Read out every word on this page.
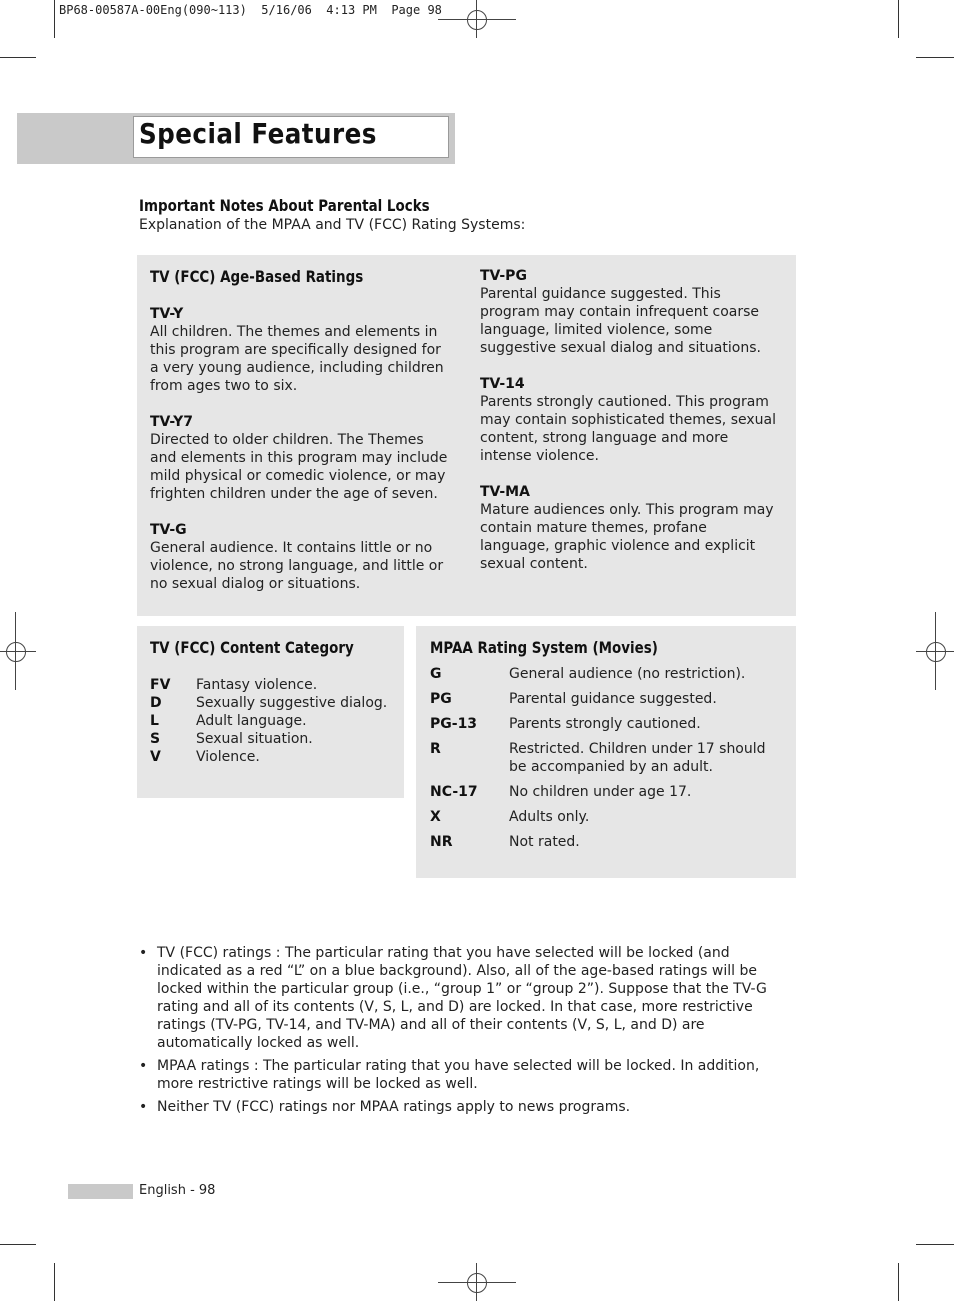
BP68-00587A-00Eng(090~113)  5/16/06  4:13 PM  Page 98
Special Features
Important Notes About Parental Locks
Explanation of the MPAA and TV (FCC) Rating Systems:
TV (FCC) Age-Based Ratings
TV-Y
All children. The themes and elements in this program are specifically designed for a very young audience, including children from ages two to six.
TV-Y7
Directed to older children. The Themes and elements in this program may include mild physical or comedic violence, or may frighten children under the age of seven.
TV-G
General audience. It contains little or no violence, no strong language, and little or no sexual dialog or situations.
TV-PG
Parental guidance suggested. This program may contain infrequent coarse language, limited violence, some suggestive sexual dialog and situations.
TV-14
Parents strongly cautioned. This program may contain sophisticated themes, sexual content, strong language and more intense violence.
TV-MA
Mature audiences only. This program may contain mature themes, profane language, graphic violence and explicit sexual content.
TV (FCC) Content Category
FV	Fantasy violence.
D	Sexually suggestive dialog.
L	Adult language.
S	Sexual situation.
V	Violence.
MPAA Rating System (Movies)
G	General audience (no restriction).
PG	Parental guidance suggested.
PG-13	Parents strongly cautioned.
R	Restricted. Children under 17 should be accompanied by an adult.
NC-17	No children under age 17.
X	Adults only.
NR	Not rated.
• TV (FCC) ratings : The particular rating that you have selected will be locked (and indicated as a red “L” on a blue background). Also, all of the age-based ratings will be locked within the particular group (i.e., “group 1” or “group 2”). Suppose that the TV-G rating and all of its contents (V, S, L, and D) are locked. In that case, more restrictive ratings (TV-PG, TV-14, and TV-MA) and all of their contents (V, S, L, and D) are automatically locked as well.
• MPAA ratings : The particular rating that you have selected will be locked. In addition, more restrictive ratings will be locked as well.
• Neither TV (FCC) ratings nor MPAA ratings apply to news programs.
English - 98
